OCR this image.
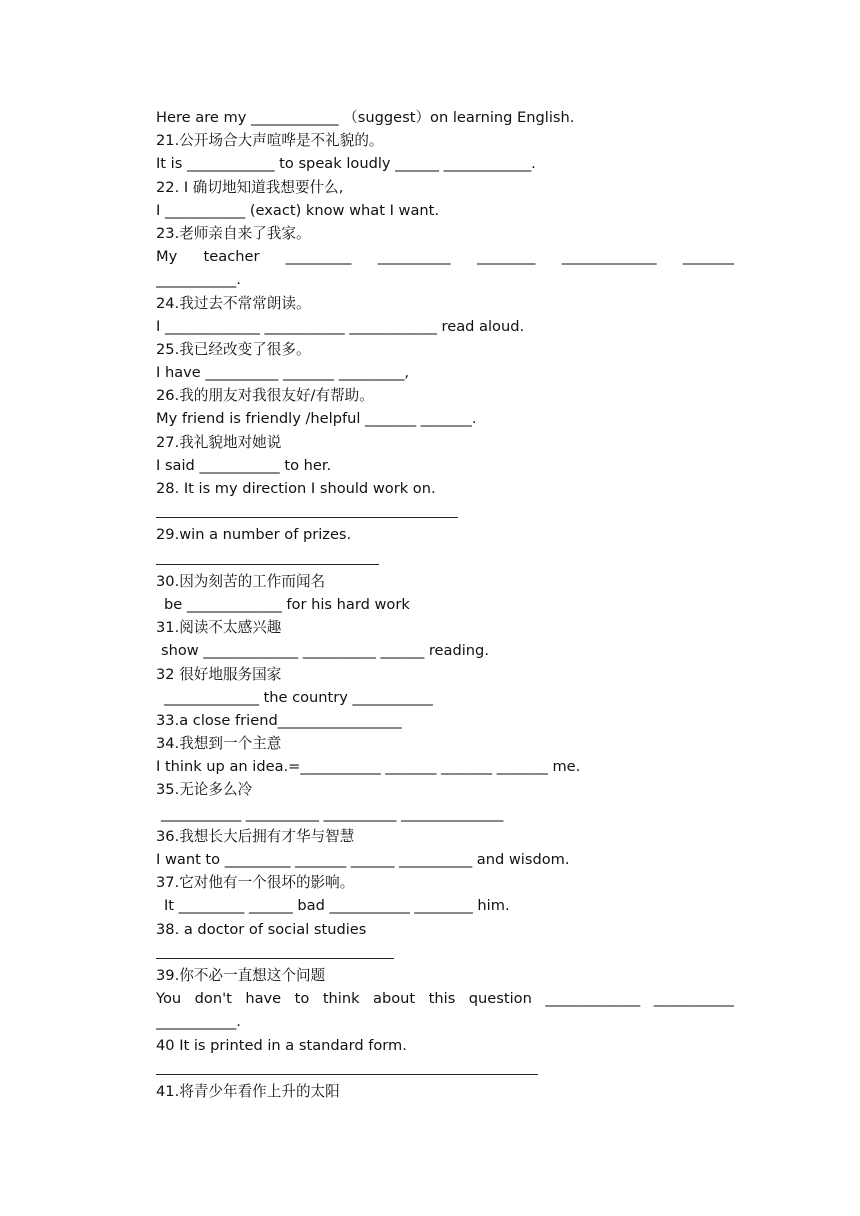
Here are my ____________ （suggest）on learning English.
21.公开场合大声喧哗是不礼貌的。
It is ____________ to speak loudly ______ ____________.
22. I 确切地知道我想要什么,
I ___________ (exact) know what I want.
23.老师亲自来了我家。
My teacher _________ __________ ________ _____________ _______
___________.
24.我过去不常常朗读。
I _____________ ___________ ____________ read aloud.
25.我已经改变了很多。
I have __________ _______ _________,
26.我的朋友对我很友好/有帮助。
My friend is friendly /helpful _______ _______.
27.我礼貌地对她说
I said ___________ to her.
28. It is my direction I should work on.
29.win a number of prizes.
30.因为刻苦的工作而闻名
be _____________ for his hard work
31.阅读不太感兴趣
show _____________ __________ ______ reading.
32 很好地服务国家
_____________ the country ___________
33.a close friend_________________
34.我想到一个主意
I think up an idea.=___________ _______ _______ _______ me.
35.无论多么冷
___________ __________ __________ ______________
36.我想长大后拥有才华与智慧
I want to _________ _______ ______ __________ and wisdom.
37.它对他有一个很坏的影响。
It _________ ______ bad ___________ ________ him.
38. a doctor of social studies
39.你不必一直想这个问题
You don't have to think about this question _____________ ___________
___________.
40 It is printed in a standard form.
41.将青少年看作上升的太阳
